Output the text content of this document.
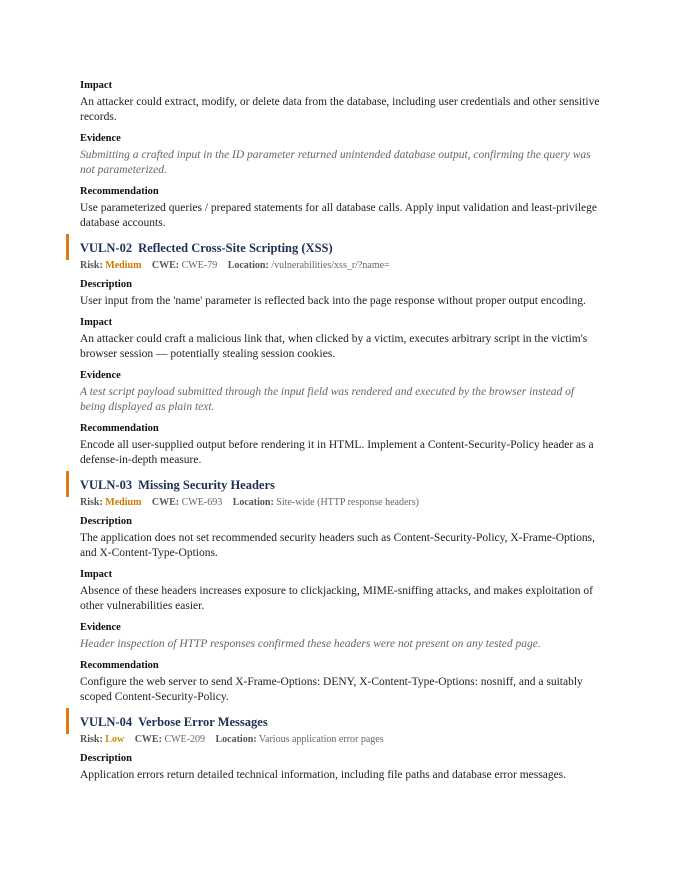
Impact

An attacker could extract, modify, or delete data from the database, including user credentials and other sensitive records.

Evidence

Submitting a crafted input in the ID parameter returned unintended database output, confirming the query was not parameterized.

Recommendation

Use parameterized queries / prepared statements for all database calls. Apply input validation and least-privilege database accounts.

VULN-02 Reflected Cross-Site Scripting (XSS)
Risk: Medium CWE: CWE-79 Location: /vulnerabilities/xss_r/?name=
Description

User input from the 'name' parameter is reflected back into the page response without proper output encoding.

Impact

An attacker could craft a malicious link that, when clicked by a victim, executes arbitrary script in the victim's browser session — potentially stealing session cookies.

Evidence

A test script payload submitted through the input field was rendered and executed by the browser instead of being displayed as plain text.

Recommendation

Encode all user-supplied output before rendering it in HTML. Implement a Content-Security-Policy header as a defense-in-depth measure.

VULN-03 Missing Security Headers
Risk: Medium CWE: CWE-693 Location: Site-wide (HTTP response headers)
Description

The application does not set recommended security headers such as Content-Security-Policy, X-Frame-Options, and X-Content-Type-Options.

Impact

Absence of these headers increases exposure to clickjacking, MIME-sniffing attacks, and makes exploitation of other vulnerabilities easier.

Evidence

Header inspection of HTTP responses confirmed these headers were not present on any tested page.

Recommendation

Configure the web server to send X-Frame-Options: DENY, X-Content-Type-Options: nosniff, and a suitably scoped Content-Security-Policy.

VULN-04 Verbose Error Messages
Risk: Low CWE: CWE-209 Location: Various application error pages
Description

Application errors return detailed technical information, including file paths and database error messages.
